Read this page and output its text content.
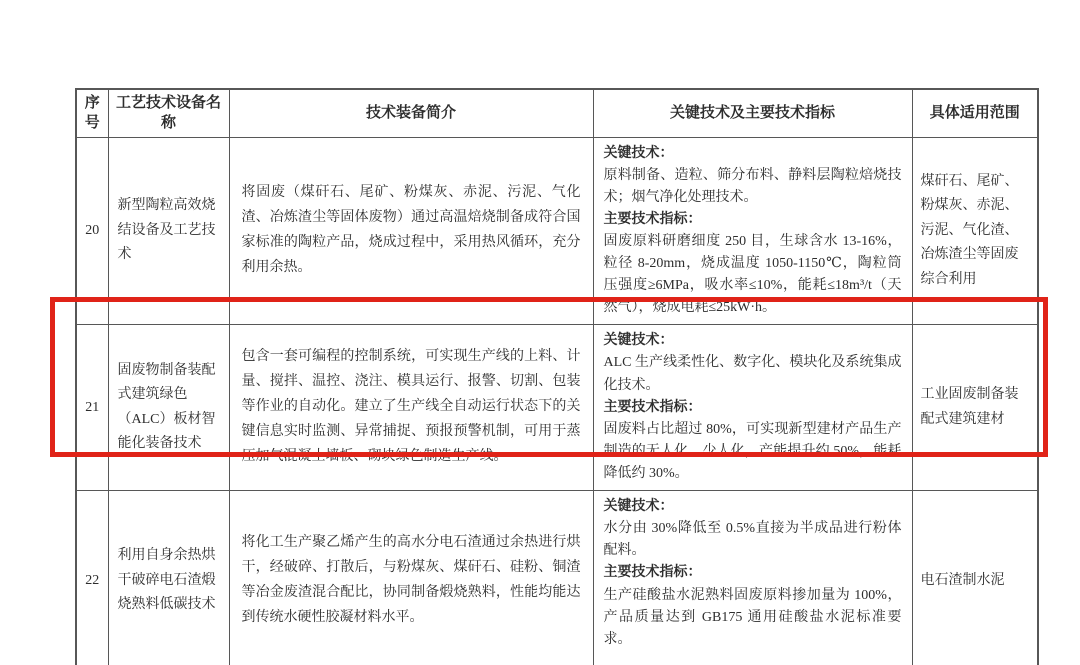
序号	工艺技术设备名称	技术装备简介	关键技术及主要技术指标	具体适用范围
20	新型陶粒高效烧结设备及工艺技术	将固废（煤矸石、尾矿、粉煤灰、赤泥、污泥、气化渣、冶炼渣尘等固体废物）通过高温焙烧制备成符合国家标准的陶粒产品，烧成过程中，采用热风循环，充分利用余热。	关键技术：
原料制备、造粒、筛分布料、静料层陶粒焙烧技术；烟气净化处理技术。
主要技术指标：
固废原料研磨细度 250 目，生球含水 13-16%，粒径 8-20mm，烧成温度 1050-1150℃，陶粒筒压强度≥6MPa，吸水率≤10%，能耗≤18m³/t（天然气），烧成电耗≤25kW·h。	煤矸石、尾矿、粉煤灰、赤泥、污泥、气化渣、冶炼渣尘等固废综合利用
21	固废物制备装配式建筑绿色（ALC）板材智能化装备技术	包含一套可编程的控制系统，可实现生产线的上料、计量、搅拌、温控、浇注、模具运行、报警、切割、包装等作业的自动化。建立了生产线全自动运行状态下的关键信息实时监测、异常捕捉、预报预警机制，可用于蒸压加气混凝土墙板、砌块绿色制造生产线。	关键技术：
ALC 生产线柔性化、数字化、模块化及系统集成化技术。
主要技术指标：
固废料占比超过 80%，可实现新型建材产品生产制造的无人化、少人化，产能提升约 50%，能耗降低约 30%。	工业固废制备装配式建筑建材
22	利用自身余热烘干破碎电石渣煅烧熟料低碳技术	将化工生产聚乙烯产生的高水分电石渣通过余热进行烘干，经破碎、打散后，与粉煤灰、煤矸石、硅粉、铜渣等冶金废渣混合配比，协同制备煅烧熟料，性能均能达到传统水硬性胶凝材料水平。	关键技术：
水分由 30%降低至 0.5%直接为半成品进行粉体配料。
主要技术指标：
生产硅酸盐水泥熟料固废原料掺加量为 100%，产品质量达到 GB175 通用硅酸盐水泥标准要求。	电石渣制水泥
